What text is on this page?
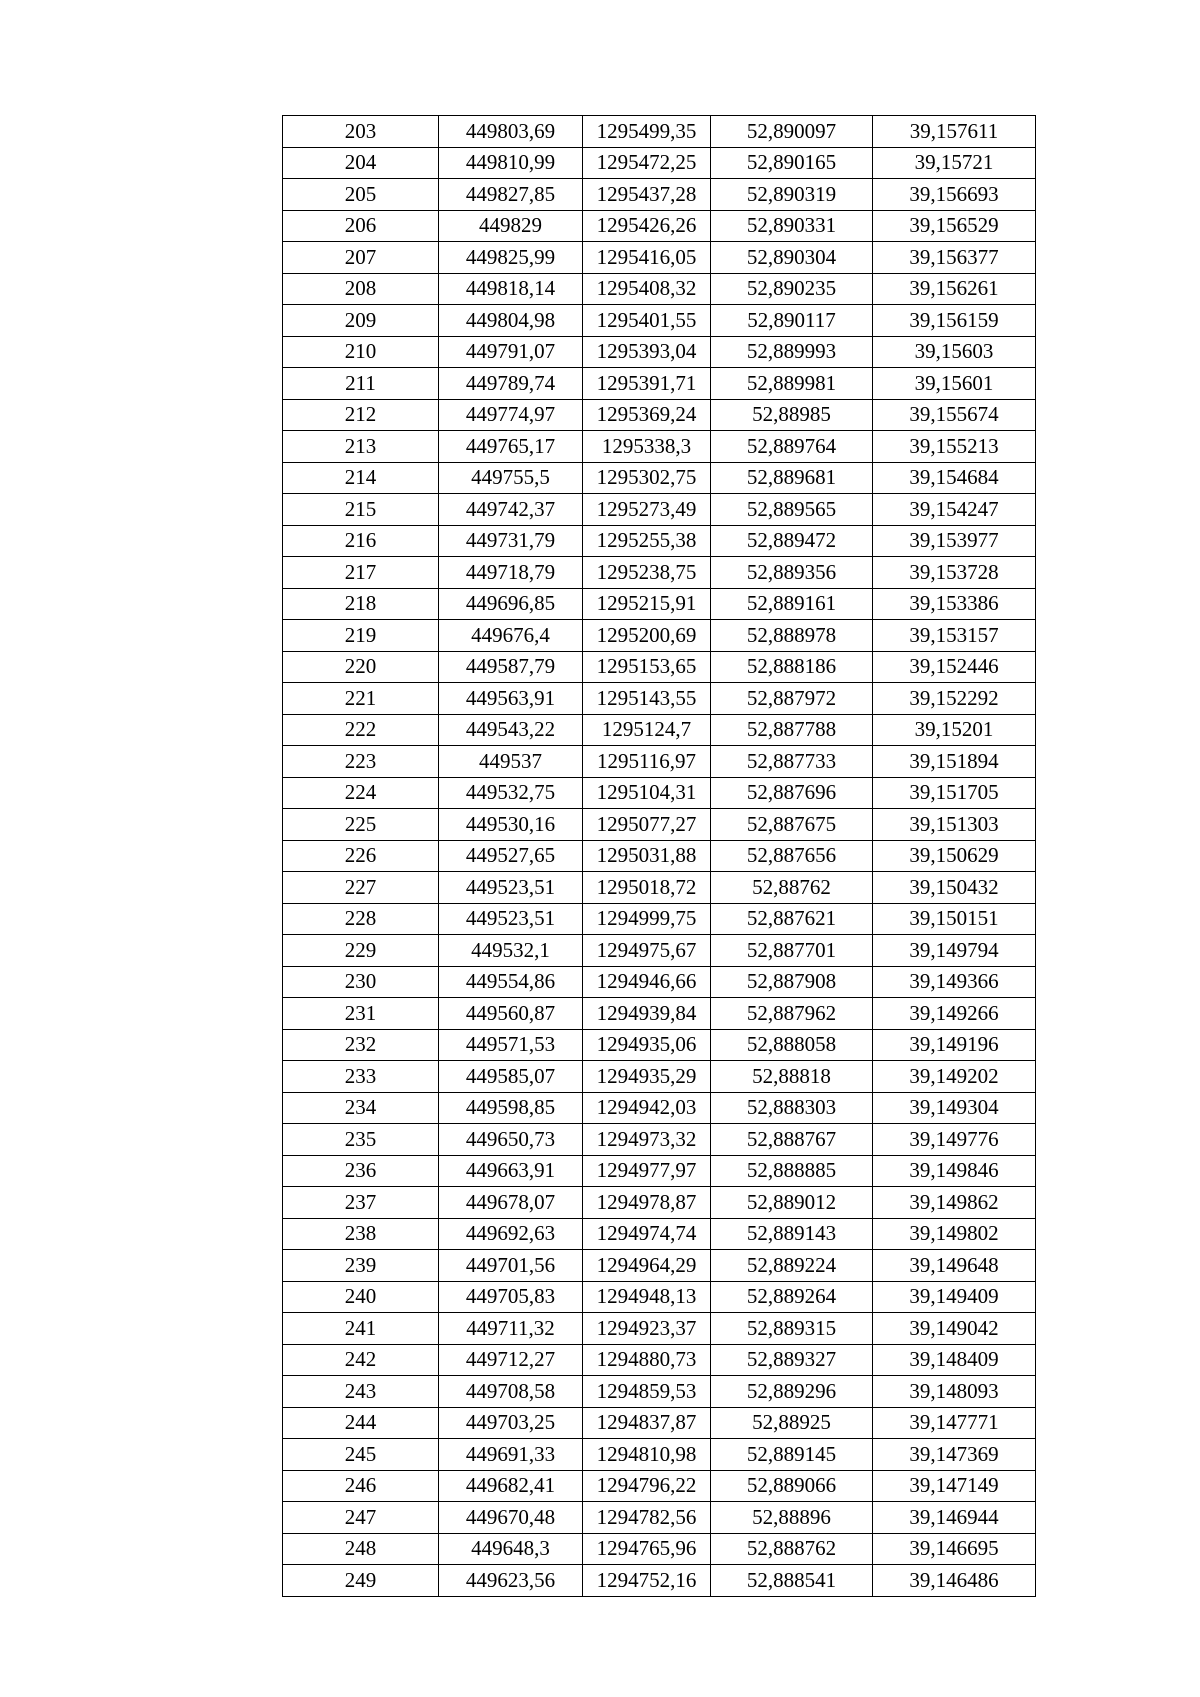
203	449803,69	1295499,35	52,890097	39,157611
204	449810,99	1295472,25	52,890165	39,15721
205	449827,85	1295437,28	52,890319	39,156693
206	449829	1295426,26	52,890331	39,156529
207	449825,99	1295416,05	52,890304	39,156377
208	449818,14	1295408,32	52,890235	39,156261
209	449804,98	1295401,55	52,890117	39,156159
210	449791,07	1295393,04	52,889993	39,15603
211	449789,74	1295391,71	52,889981	39,15601
212	449774,97	1295369,24	52,88985	39,155674
213	449765,17	1295338,3	52,889764	39,155213
214	449755,5	1295302,75	52,889681	39,154684
215	449742,37	1295273,49	52,889565	39,154247
216	449731,79	1295255,38	52,889472	39,153977
217	449718,79	1295238,75	52,889356	39,153728
218	449696,85	1295215,91	52,889161	39,153386
219	449676,4	1295200,69	52,888978	39,153157
220	449587,79	1295153,65	52,888186	39,152446
221	449563,91	1295143,55	52,887972	39,152292
222	449543,22	1295124,7	52,887788	39,15201
223	449537	1295116,97	52,887733	39,151894
224	449532,75	1295104,31	52,887696	39,151705
225	449530,16	1295077,27	52,887675	39,151303
226	449527,65	1295031,88	52,887656	39,150629
227	449523,51	1295018,72	52,88762	39,150432
228	449523,51	1294999,75	52,887621	39,150151
229	449532,1	1294975,67	52,887701	39,149794
230	449554,86	1294946,66	52,887908	39,149366
231	449560,87	1294939,84	52,887962	39,149266
232	449571,53	1294935,06	52,888058	39,149196
233	449585,07	1294935,29	52,88818	39,149202
234	449598,85	1294942,03	52,888303	39,149304
235	449650,73	1294973,32	52,888767	39,149776
236	449663,91	1294977,97	52,888885	39,149846
237	449678,07	1294978,87	52,889012	39,149862
238	449692,63	1294974,74	52,889143	39,149802
239	449701,56	1294964,29	52,889224	39,149648
240	449705,83	1294948,13	52,889264	39,149409
241	449711,32	1294923,37	52,889315	39,149042
242	449712,27	1294880,73	52,889327	39,148409
243	449708,58	1294859,53	52,889296	39,148093
244	449703,25	1294837,87	52,88925	39,147771
245	449691,33	1294810,98	52,889145	39,147369
246	449682,41	1294796,22	52,889066	39,147149
247	449670,48	1294782,56	52,88896	39,146944
248	449648,3	1294765,96	52,888762	39,146695
249	449623,56	1294752,16	52,888541	39,146486
